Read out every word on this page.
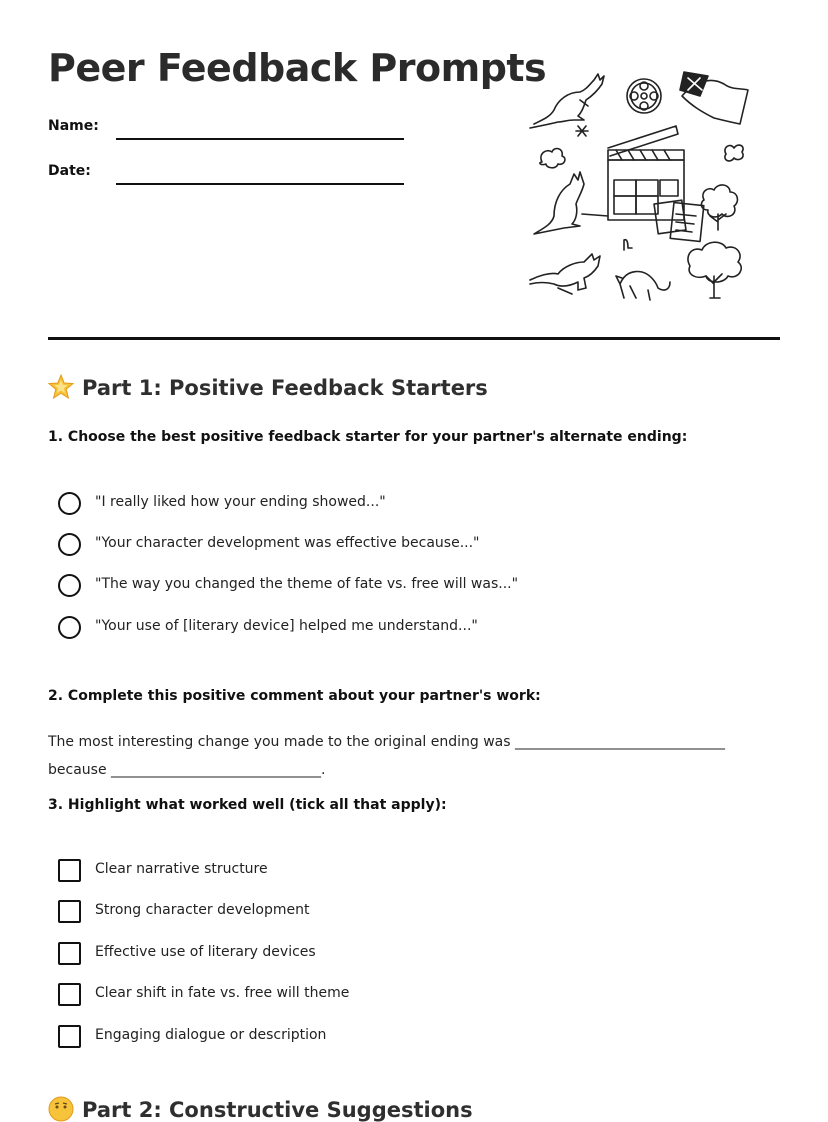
Peer Feedback Prompts
Name:
Date:
Part 1: Positive Feedback Starters
1. Choose the best positive feedback starter for your partner's alternate ending:
"I really liked how your ending showed..."
"Your character development was effective because..."
"The way you changed the theme of fate vs. free will was..."
"Your use of [literary device] helped me understand..."
2. Complete this positive comment about your partner's work:
The most interesting change you made to the original ending was ______________________________ because ______________________________.
3. Highlight what worked well (tick all that apply):
Clear narrative structure
Strong character development
Effective use of literary devices
Clear shift in fate vs. free will theme
Engaging dialogue or description
Part 2: Constructive Suggestions
